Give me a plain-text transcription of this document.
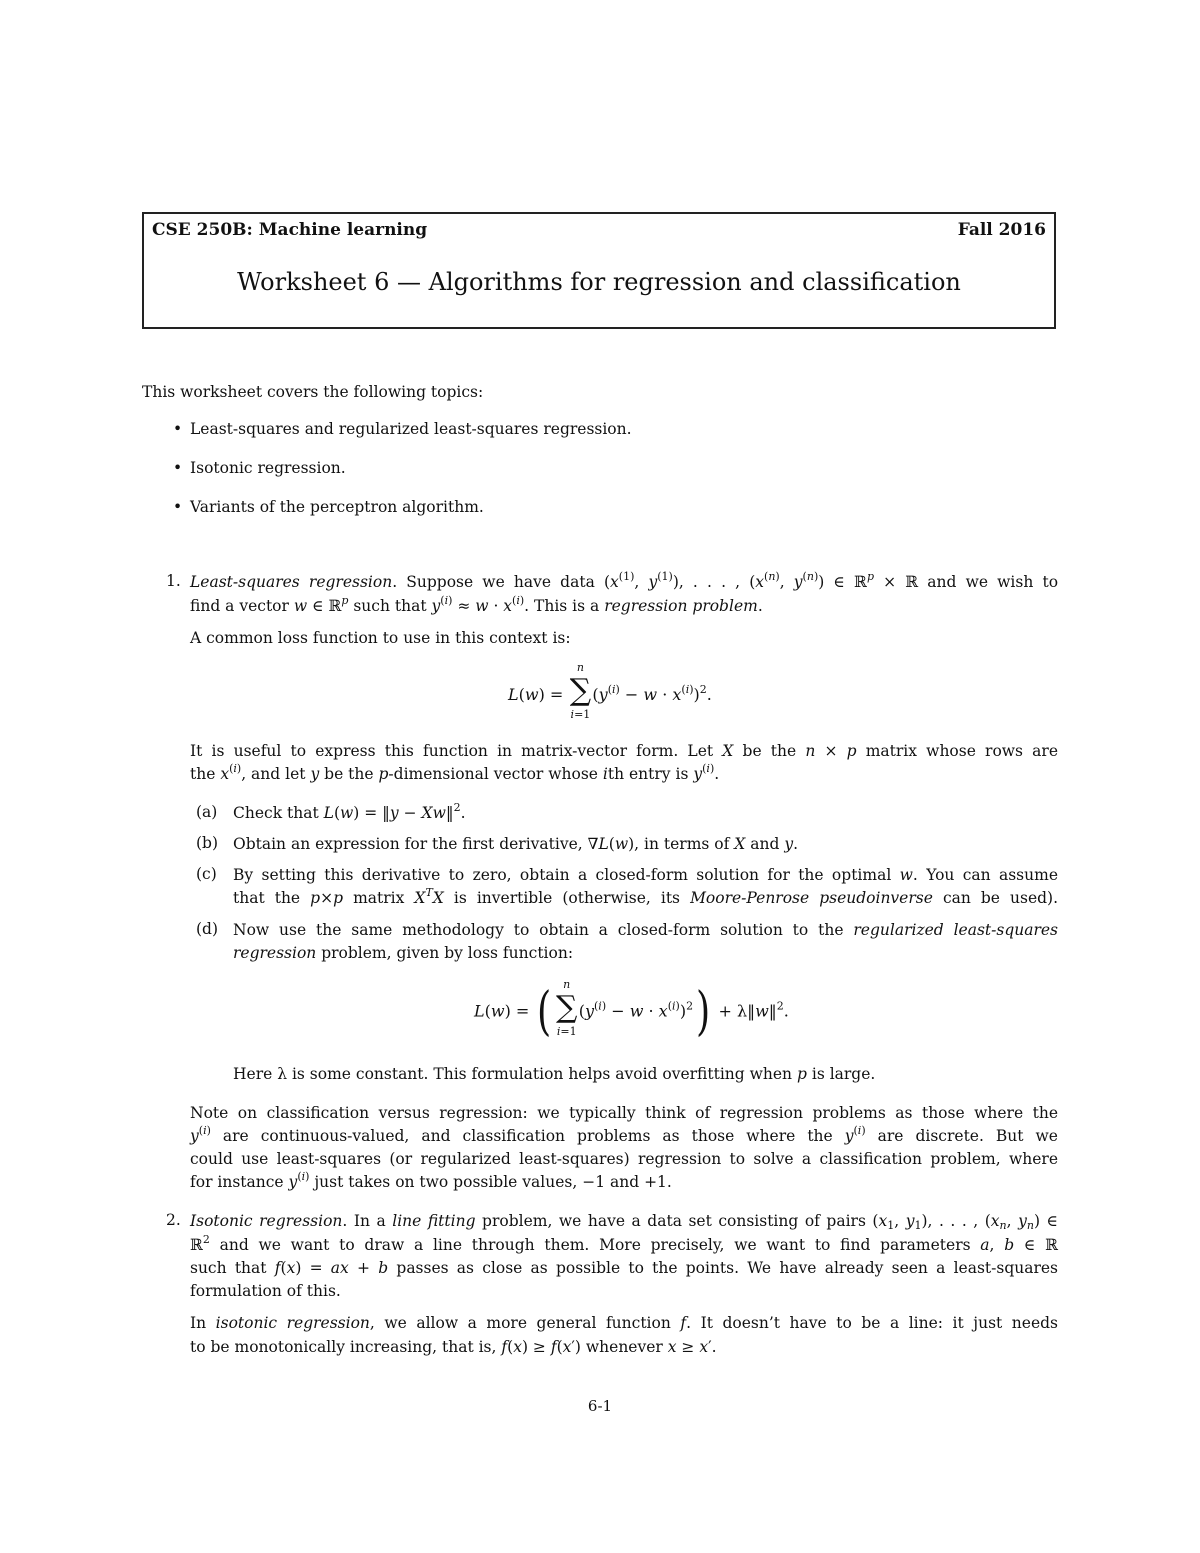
CSE 250B: Machine learning	Fall 2016
Worksheet 6 — Algorithms for regression and classification
This worksheet covers the following topics:
• Least-squares and regularized least-squares regression.
• Isotonic regression.
• Variants of the perceptron algorithm.
1. Least-squares regression. Suppose we have data ($x^{(1)}$, $y^{(1)}$), . . . , ($x^{(n)}$, $y^{(n)}$) ∈ ℝ$^p$ × ℝ and we wish to
find a vector w ∈ ℝ$^p$ such that $y^{(i)} \approx w \cdot x^{(i)}$. This is a regression problem.
A common loss function to use in this context is:
L(w) =
n
∑
i=1
$(y^{(i)} - w \cdot x^{(i)})^2$.
It is useful to express this function in matrix-vector form. Let X be the n × p matrix whose rows are
the $x^{(i)}$, and let y be the p-dimensional vector whose ith entry is $y^{(i)}$.
(a) Check that L(w) = ‖y − Xw‖$^2$.
(b) Obtain an expression for the first derivative, ∇L(w), in terms of X and y.
(c) By setting this derivative to zero, obtain a closed-form solution for the optimal w. You can assume
that the p×p matrix $X^TX$ is invertible (otherwise, its Moore-Penrose pseudoinverse can be used).
(d) Now use the same methodology to obtain a closed-form solution to the regularized least-squares
regression problem, given by loss function:
L(w) = (	n
∑
i=1
$(y^{(i)} - w \cdot x^{(i)})^2$) + λ‖w‖$^2$.
Here λ is some constant. This formulation helps avoid overfitting when p is large.
Note on classification versus regression: we typically think of regression problems as those where the
$y^{(i)}$ are continuous-valued, and classification problems as those where the $y^{(i)}$ are discrete. But we
could use least-squares (or regularized least-squares) regression to solve a classification problem, where
for instance $y^{(i)}$ just takes on two possible values, −1 and +1.
2. Isotonic regression. In a line fitting problem, we have a data set consisting of pairs ($x_1$, $y_1$), . . . , ($x_n$, $y_n$) ∈
ℝ$^2$ and we want to draw a line through them. More precisely, we want to find parameters a, b ∈ ℝ
such that f(x) = ax + b passes as close as possible to the points. We have already seen a least-squares
formulation of this.
In isotonic regression, we allow a more general function f. It doesn’t have to be a line: it just needs
to be monotonically increasing, that is, f(x) ≥ f(x′) whenever x ≥ x′.
6-1
